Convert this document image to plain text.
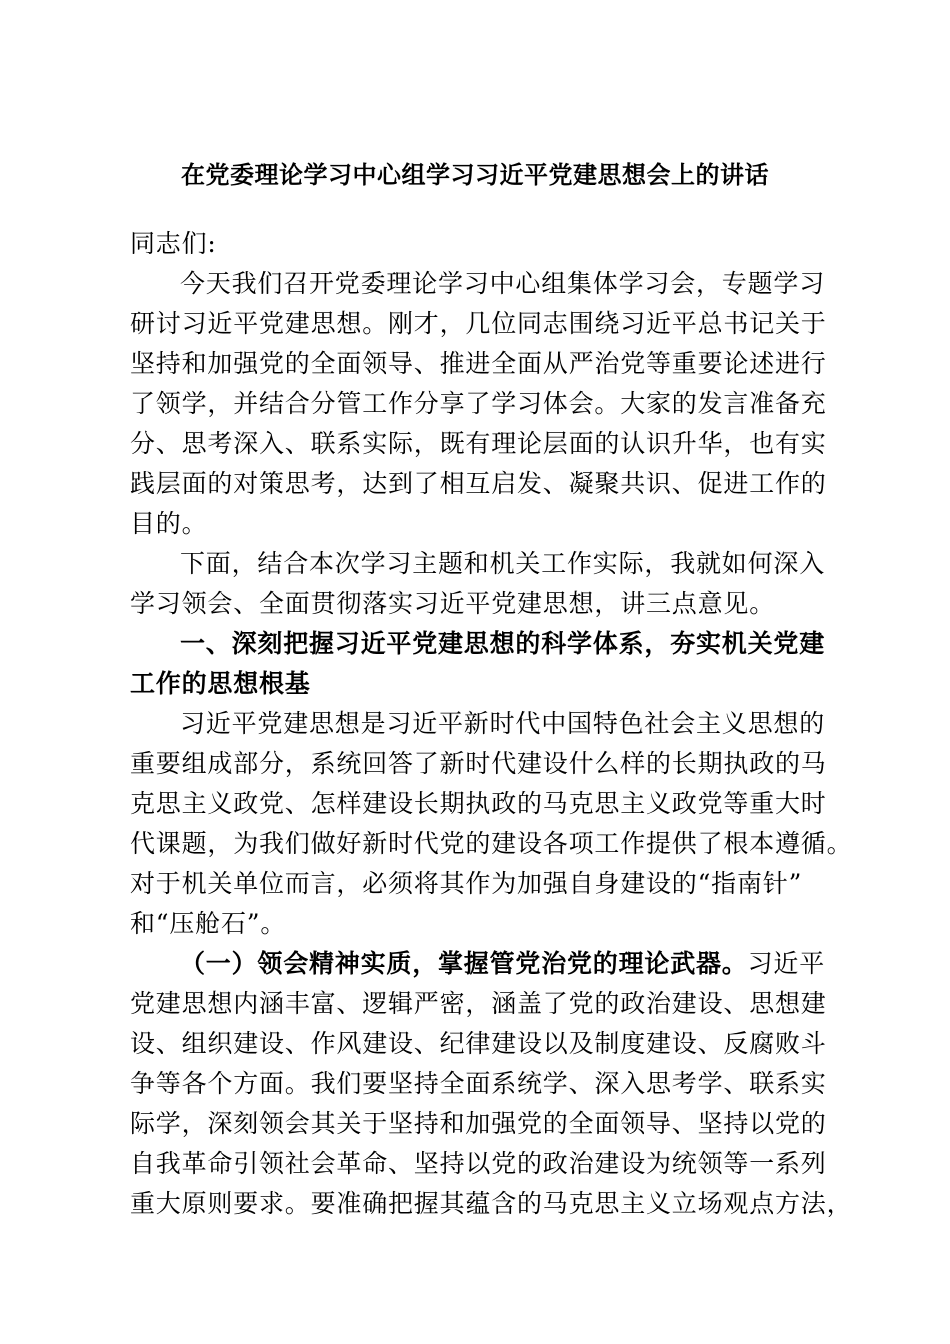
在党委理论学习中心组学习习近平党建思想会上的讲话
同志们:
今天我们召开党委理论学习中心组集体学习会，专题学习
研讨习近平党建思想。刚才，几位同志围绕习近平总书记关于
坚持和加强党的全面领导、推进全面从严治党等重要论述进行
了领学，并结合分管工作分享了学习体会。大家的发言准备充
分、思考深入、联系实际，既有理论层面的认识升华，也有实
践层面的对策思考，达到了相互启发、凝聚共识、促进工作的
目的。
下面，结合本次学习主题和机关工作实际，我就如何深入
学习领会、全面贯彻落实习近平党建思想，讲三点意见。
一、深刻把握习近平党建思想的科学体系，夯实机关党建
工作的思想根基
习近平党建思想是习近平新时代中国特色社会主义思想的
重要组成部分，系统回答了新时代建设什么样的长期执政的马
克思主义政党、怎样建设长期执政的马克思主义政党等重大时
代课题，为我们做好新时代党的建设各项工作提供了根本遵循。
对于机关单位而言，必须将其作为加强自身建设的“指南针”
和“压舱石”。
（一）领会精神实质，掌握管党治党的理论武器。习近平
党建思想内涵丰富、逻辑严密，涵盖了党的政治建设、思想建
设、组织建设、作风建设、纪律建设以及制度建设、反腐败斗
争等各个方面。我们要坚持全面系统学、深入思考学、联系实
际学，深刻领会其关于坚持和加强党的全面领导、坚持以党的
自我革命引领社会革命、坚持以党的政治建设为统领等一系列
重大原则要求。要准确把握其蕴含的马克思主义立场观点方法，
